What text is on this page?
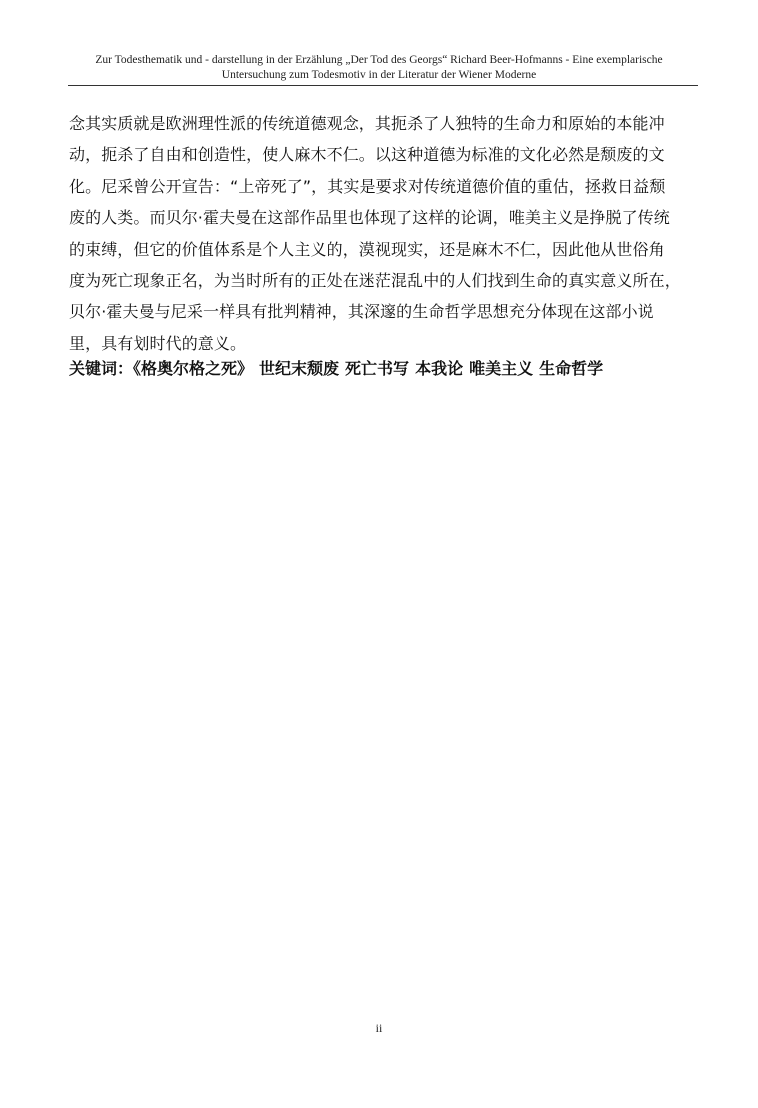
Zur Todesthematik und - darstellung in der Erzählung „Der Tod des Georgs“ Richard Beer-Hofmanns - Eine exemplarische
Untersuchung zum Todesmotiv in der Literatur der Wiener Moderne
念其实质就是欧洲理性派的传统道德观念，其扼杀了人独特的生命力和原始的本能冲
动，扼杀了自由和创造性，使人麻木不仁。以这种道德为标准的文化必然是颓废的文
化。尼采曾公开宣告：“上帝死了”，其实是要求对传统道德价值的重估，拯救日益颓
废的人类。而贝尔·霍夫曼在这部作品里也体现了这样的论调，唯美主义是挣脱了传统
的束缚，但它的价值体系是个人主义的，漠视现实，还是麻木不仁，因此他从世俗角
度为死亡现象正名，为当时所有的正处在迷茫混乱中的人们找到生命的真实意义所在，
贝尔·霍夫曼与尼采一样具有批判精神，其深邃的生命哲学思想充分体现在这部小说
里，具有划时代的意义。
关键词：《格奥尔格之死》 世纪末颓废 死亡书写 本我论 唯美主义 生命哲学
ii
